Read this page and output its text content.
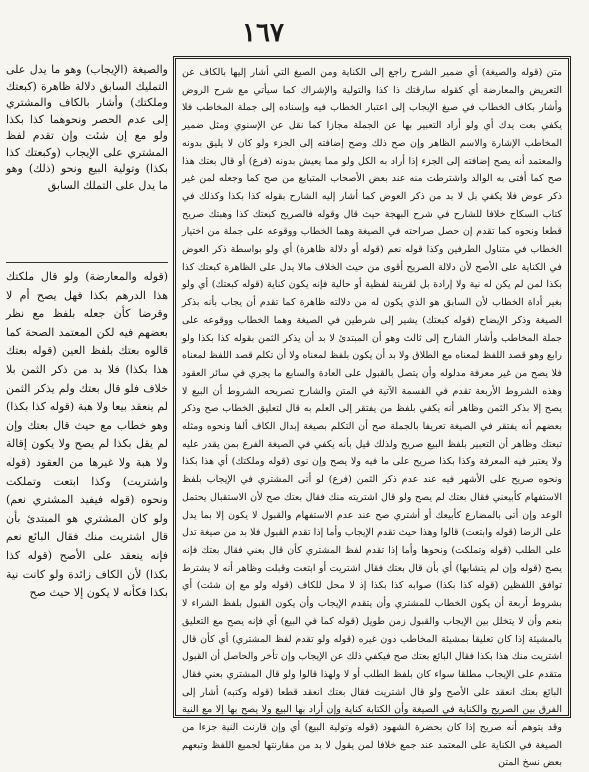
١٦٧

والصيغة (الإيجاب) وهو ما يدل على التمليك السابق دلالة ظاهرة (كبعتك وملكتك) وأشار بالكاف والمشتري إلى عدم الحصر ونحوهما كذا بكذا ولو مع إن شئت وإن تقدم لفظ المشتري على الإيجاب (وكبعتك كذا بكذا) وتولية البيع ونحو (ذلك) وهو ما يدل على التملك السابق

(قوله والمعارضة) ولو قال ملكتك هذا الدرهم بكذا فهل يصح أم لا وقرضا كأن جعله بلفظ مع نظر بعضهم فيه لكن المعتمد الصحة كما قالوه بعتك بلفظ العين (قوله بعتك هذا بكذا) فلا بد من ذكر الثمن بلا خلاف فلو قال بعتك ولم يذكر الثمن لم ينعقد بيعا ولا هبة (قوله كذا بكذا) وهو خطاب مع حيث قال بعتك وإن لم يقل بكذا لم يصح ولا يكون إقالة ولا هبة ولا غيرها من العقود (قوله واشتريت) وكذا ابتعت وتملكت ونحوه (قوله فيفيد المشتري نعم) ولو كان المشتري هو المبتدئ بأن قال اشتريت منك فقال البائع نعم فإنه ينعقد على الأصح (قوله كذا بكذا) لأن الكاف زائدة ولو كانت نية بكذا فكأنه لا يكون إلا حيث صح

ﻣﺘﻦ (قوله والصيغة) أي ضمير الشرح راجع إلى الكناية ومن الصيغ التي أشار إليها بالكاف عن التعريض والمعارضة أي كقوله سارقتك ذا كذا والتولية والإشراك كما سيأتي مع شرح الروض وأشار بكاف الخطاب في صيغ الإيجاب إلى اعتبار الخطاب فيه وإسناده إلى جملة المخاطب فلا يكفي بعت يدك أي ولو أراد التعبير بها عن الجملة مجازا كما نقل عن الإسنوي ومثل ضمير المخاطب الإشارة والاسم الظاهر وإن صح ذلك وصح إضافته إلى الجزء ولو كان لا يليق بدونه والمعتمد أنه يصح إضافته إلى الجزء إذا أراد به الكل ولو مما يعيش بدونه (فرع) أو قال بعتك هذا صح كما أفتى به الوالد واشترطت منه عند بعض الأصحاب المتبايع من صح كما وجعله لمن غير ذكر عوض فلا يكفي بل لا بد من ذكر العوض كما أشار إليه الشارح بقوله كذا بكذا وكذلك في كتاب السكاح خلافا للشارح في شرح البهجة حيث قال وقوله فالصريح كبعتك كذا وهبتك صريح قطعا ونحوه كما تقدم إن حصل صراحته في الصيغة وهما الخطاب ووقوعه على جملة من اختيار الخطاب في متناول الطرفين وكذا قوله نعم (قوله أو دلالة ظاهرة) أي ولو بواسطة ذكر العوض في الكناية على الأصح لأن دلالة الصريح أقوى من حيث الخلاف مالا يدل على الظاهرة كبعتك كذا بكذا لمن لم يكن له نية ولا إرادة بل لقرينة لفظية أو حالية فإنه يكون كناية (قوله كبعتك) أي ولو بغير أداة الخطاب لأن السابق هو الذي يكون له من دلالته ظاهرة كما تقدم أن يجاب بأنه بذكر الصيغة وذكر الإيضاح (قوله كبعتك) يشير إلى شرطين في الصيغة وهما الخطاب ووقوعه على جملة المخاطب وأشار الشارح إلى ثالث وهو أن المبتدئ لا بد أن يذكر الثمن بقوله كذا بكذا ولو رابع وهو قصد اللفظ لمعناه مع الطلاق ولا بد أن يكون بلفظ لمعناه ولا أن تكلم قصد اللفظ لمعناه فلا يصح من غير معرفة مدلوله وأن يتصل بالقبول على العادة والسابع ما يجري في سائر العقود وهذه الشروط الأربعة تقدم في القسمة الآتية في المتن والشارح تصريحه الشروط أن البيع لا يصح إلا بذكر الثمن وظاهر أنه يكفي بلفظ من يفتقر إلى العلم به قال لتعليق الخطاب صح وذكر بعضهم أنه يفتقر في الصيغة تعريفا بالجملة صح أن التكلم بصيغة إبدال الكاف ألفا ونحوه ومثله تبعتك وظاهر أن التعبير بلفظ البيع صريح ولذلك قيل بأنه يكفي في الصيغة الفرع بمن يقدر عليه ولا يعتبر فيه المعرفة وكذا بكذا صريح على ما فيه ولا يصح وإن نوى (قوله وملكتك) أي هذا بكذا ونحوه صريح على الأشهر فيه عند عدم ذكر الثمن (فرع) لو أتى المشتري في الإيجاب بلفظ الاستفهام كأبيعني فقال بعتك لم يصح ولو قال اشتريته منك فقال بعتك صح لأن الاستقبال يحتمل الوعد وإن أتى بالمضارع كأبيعك أو أشتري صح عند عدم الاستفهام والقبول لا يكون إلا بما يدل على الرضا (قوله وابتعت) قالوا وهذا حيث تقدم الإيجاب وأما إذا تقدم القبول فلا بد من صيغة تدل على الطلب (قوله وتملكت) ونحوها وأما إذا تقدم لفظ المشتري كأن قال بعني فقال بعتك فإنه يصح (قوله وإن لم يتشابها) أي بأن قال بعتك فقال اشتريت أو ابتعت وقبلت وظاهر أنه لا يشترط توافق اللفظين (قوله كذا بكذا) صوابه كذا بكذا إذ لا محل للكاف (قوله ولو مع إن شئت) أي بشروط أربعة أن يكون الخطاب للمشتري وأن يتقدم الإيجاب وأن يكون القبول بلفظ الشراء لا بنعم وأن لا يتخلل بين الإيجاب والقبول زمن طويل (قوله كما في البيع) أي فإنه يصح مع التعليق بالمشيئة إذا كان تعليقا بمشيئة المخاطب دون غيره (قوله ولو تقدم لفظ المشتري) أي كأن قال اشتريت منك هذا بكذا فقال البائع بعتك صح فيكفي ذلك عن الإيجاب وإن تأخر والحاصل أن القبول متقدم على الإيجاب مطلقا سواء كان بلفظ الطلب أو لا ولهذا قالوا ولو قال المشتري بعني فقال البائع بعتك انعقد على الأصح ولو قال اشتريت فقال بعتك انعقد قطعا (قوله وكتبه) أشار إلى الفرق بين الصريح والكناية في الصيغة وأن الكتابة كناية وإن أراد بها البيع ولا يصح بها إلا مع النية وقد يتوهم أنه صريح إذا كان بحضرة الشهود (قوله وتولية البيع) أي وإن قارنت النية جزءا من الصيغة في الكناية على المعتمد عند جمع خلافا لمن يقول لا بد من مقارنتها لجميع اللفظ وتبعهم بعض نسخ المتن
